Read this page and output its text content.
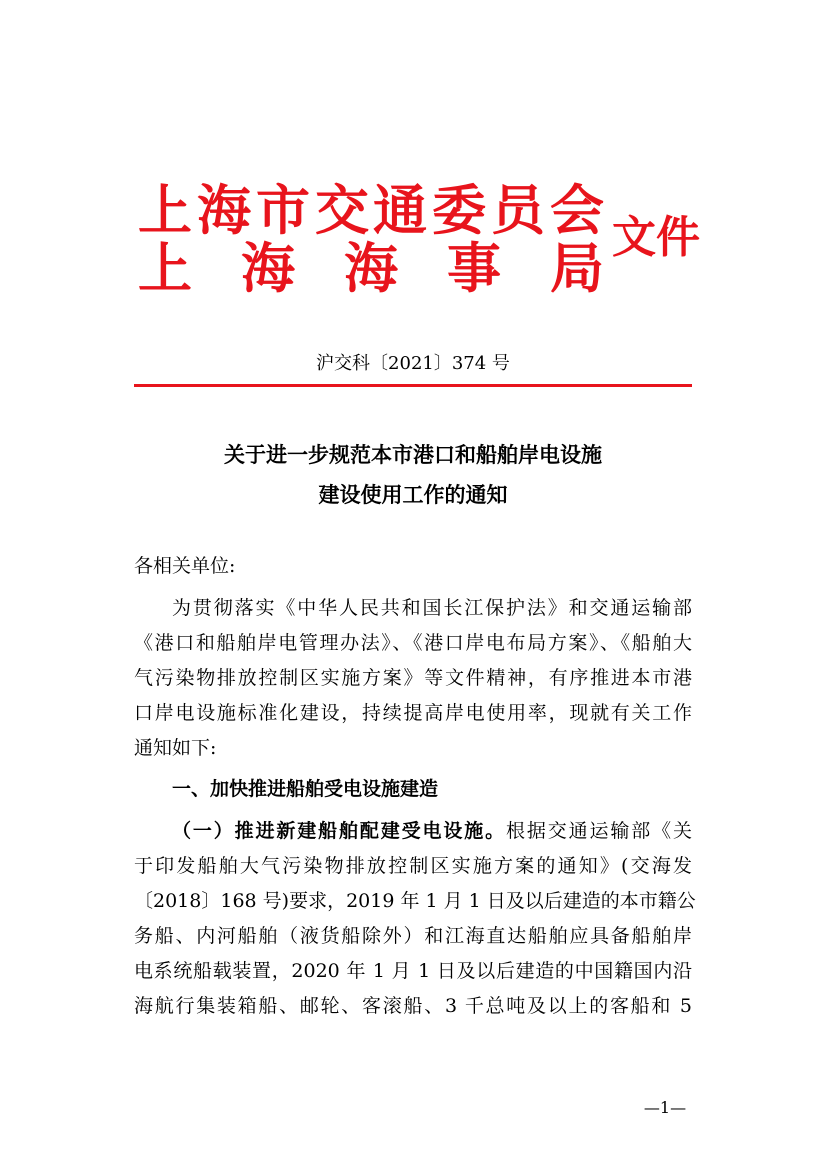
上 海 市 交 通 委 员 会
上 海 海 事 局 文件
沪交科〔2021〕374 号
关于进一步规范本市港口和船舶岸电设施
建设使用工作的通知
各相关单位:
为贯彻落实《中华人民共和国长江保护法》和交通运输部
《港口和船舶岸电管理办法》、《港口岸电布局方案》、《船舶大
气污染物排放控制区实施方案》等文件精神，有序推进本市港
口岸电设施标准化建设，持续提高岸电使用率，现就有关工作
通知如下:
一、加快推进船舶受电设施建造
（一）推进新建船舶配建受电设施。根据交通运输部《关
于印发船舶大气污染物排放控制区实施方案的通知》(交海发
〔2018〕168 号)要求，2019 年 1 月 1 日及以后建造的本市籍公
务船、内河船舶（液货船除外）和江海直达船舶应具备船舶岸
电系统船载装置，2020 年 1 月 1 日及以后建造的中国籍国内沿
海航行集装箱船、邮轮、客滚船、3 千总吨及以上的客船和 5
—1—
